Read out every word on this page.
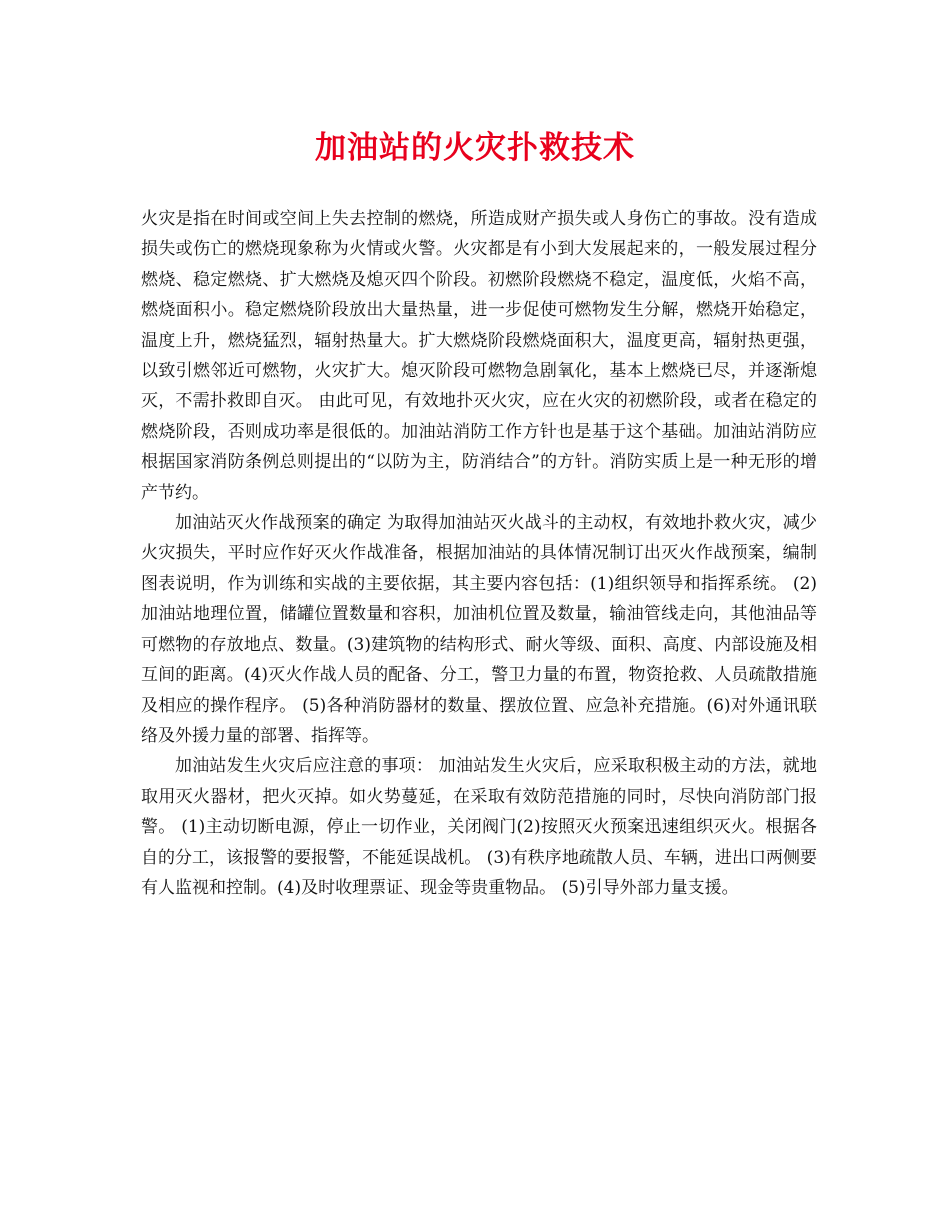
加油站的火灾扑救技术

火灾是指在时间或空间上失去控制的燃烧，所造成财产损失或人身伤亡的事故。没有造成损失或伤亡的燃烧现象称为火情或火警。火灾都是有小到大发展起来的，一般发展过程分燃烧、稳定燃烧、扩大燃烧及熄灭四个阶段。初燃阶段燃烧不稳定，温度低，火焰不高，燃烧面积小。稳定燃烧阶段放出大量热量，进一步促使可燃物发生分解，燃烧开始稳定，温度上升，燃烧猛烈，辐射热量大。扩大燃烧阶段燃烧面积大，温度更高，辐射热更强，以致引燃邻近可燃物，火灾扩大。熄灭阶段可燃物急剧氧化，基本上燃烧已尽，并逐渐熄灭，不需扑救即自灭。 由此可见，有效地扑灭火灾，应在火灾的初燃阶段，或者在稳定的燃烧阶段，否则成功率是很低的。加油站消防工作方针也是基于这个基础。加油站消防应根据国家消防条例总则提出的“以防为主，防消结合”的方针。消防实质上是一种无形的增产节约。

加油站灭火作战预案的确定 为取得加油站灭火战斗的主动权，有效地扑救火灾，减少火灾损失，平时应作好灭火作战准备，根据加油站的具体情况制订出灭火作战预案，编制图表说明，作为训练和实战的主要依据，其主要内容包括：(1)组织领导和指挥系统。 (2)加油站地理位置，储罐位置数量和容积，加油机位置及数量，输油管线走向，其他油品等可燃物的存放地点、数量。(3)建筑物的结构形式、耐火等级、面积、高度、内部设施及相互间的距离。(4)灭火作战人员的配备、分工，警卫力量的布置，物资抢救、人员疏散措施及相应的操作程序。 (5)各种消防器材的数量、摆放位置、应急补充措施。(6)对外通讯联络及外援力量的部署、指挥等。

加油站发生火灾后应注意的事项： 加油站发生火灾后，应采取积极主动的方法，就地取用灭火器材，把火灭掉。如火势蔓延，在采取有效防范措施的同时，尽快向消防部门报警。 (1)主动切断电源，停止一切作业，关闭阀门(2)按照灭火预案迅速组织灭火。根据各自的分工，该报警的要报警，不能延误战机。 (3)有秩序地疏散人员、车辆，进出口两侧要有人监视和控制。(4)及时收理票证、现金等贵重物品。 (5)引导外部力量支援。
